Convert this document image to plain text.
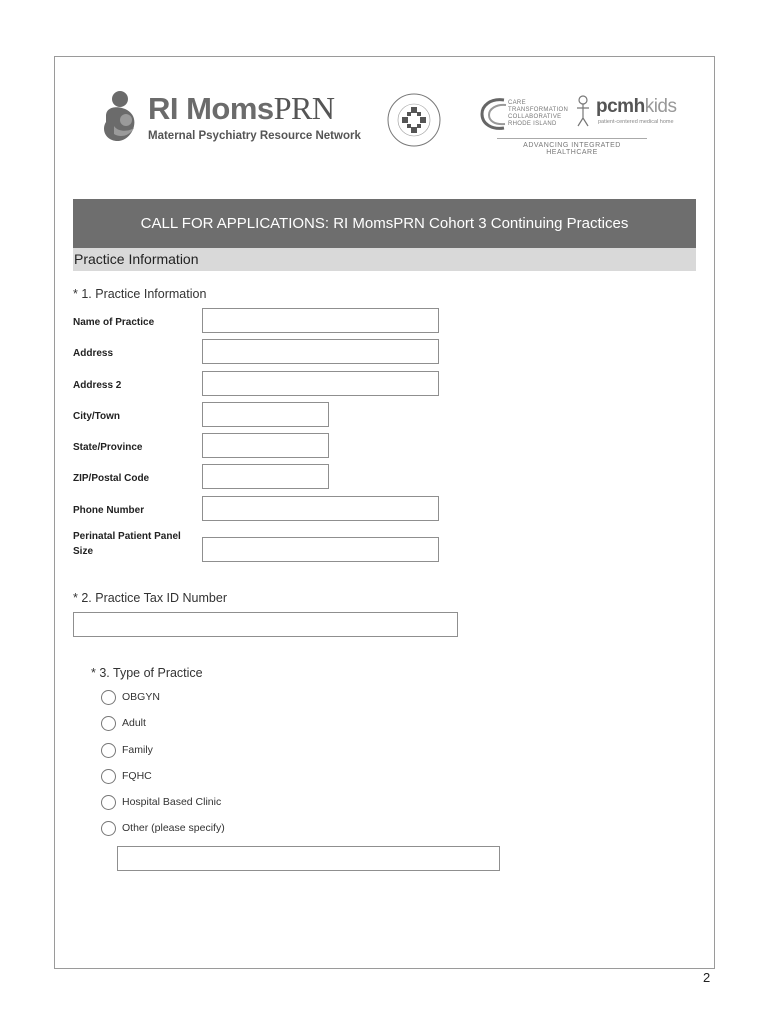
RI MomsPRN
Maternal Psychiatry Resource Network
CARE
TRANSFORMATION
COLLABORATIVE
RHODE ISLAND
pcmhkids
patient-centered medical home
ADVANCING INTEGRATED HEALTHCARE
CALL FOR APPLICATIONS: RI MomsPRN Cohort 3 Continuing Practices
Practice Information
* 1. Practice Information
Name of Practice
Address
Address 2
City/Town
State/Province
ZIP/Postal Code
Phone Number
Perinatal Patient Panel Size
* 2. Practice Tax ID Number
* 3. Type of Practice
OBGYN
Adult
Family
FQHC
Hospital Based Clinic
Other (please specify)
2
